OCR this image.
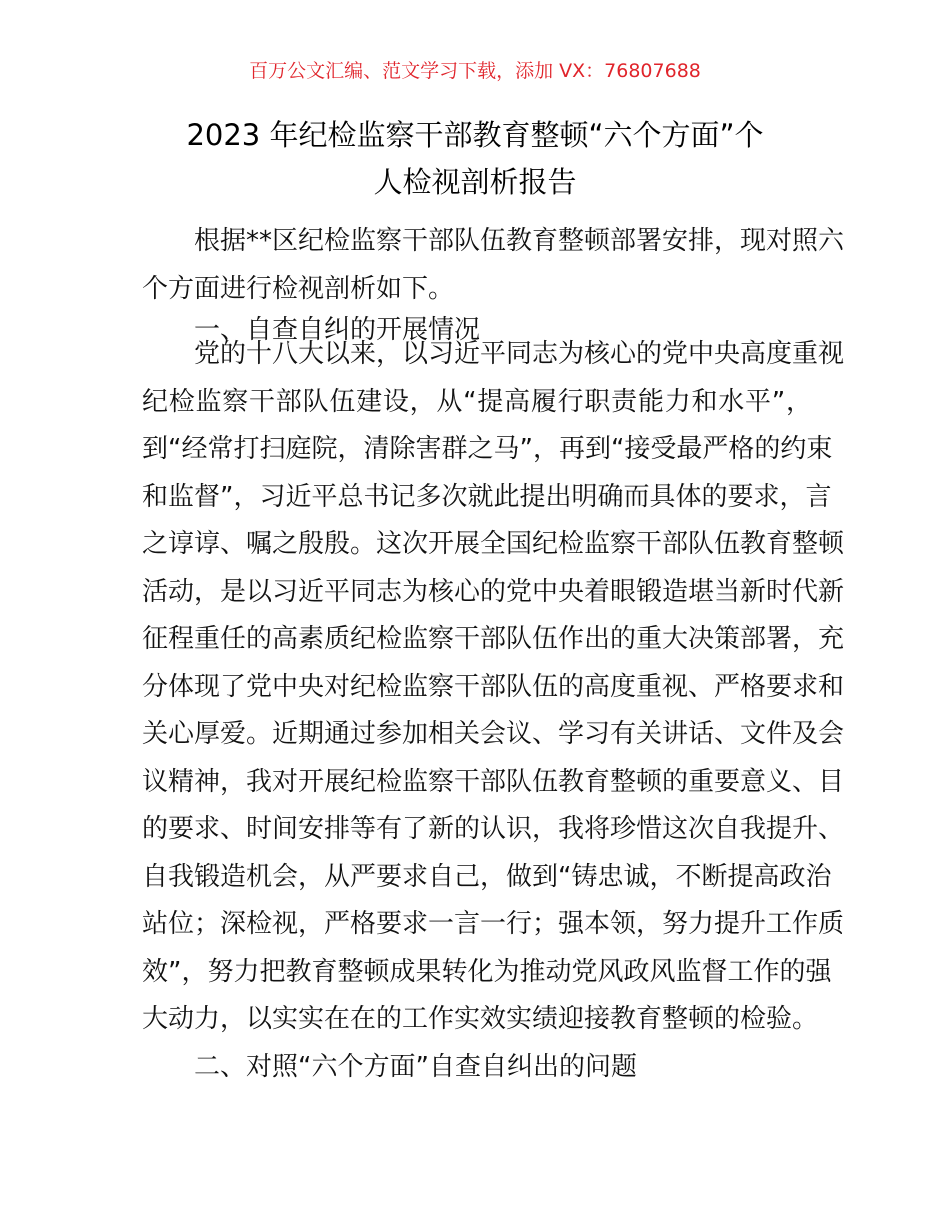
百万公文汇编、范文学习下载，添加 VX：76807688
2023 年纪检监察干部教育整顿“六个方面”个
人检视剖析报告
根据**区纪检监察干部队伍教育整顿部署安排，现对照六
个方面进行检视剖析如下。
一、自查自纠的开展情况
党的十八大以来，以习近平同志为核心的党中央高度重视
纪检监察干部队伍建设，从“提高履行职责能力和水平”，
到“经常打扫庭院，清除害群之马”，再到“接受最严格的约束
和监督”，习近平总书记多次就此提出明确而具体的要求，言
之谆谆、嘱之殷殷。这次开展全国纪检监察干部队伍教育整顿
活动，是以习近平同志为核心的党中央着眼锻造堪当新时代新
征程重任的高素质纪检监察干部队伍作出的重大决策部署，充
分体现了党中央对纪检监察干部队伍的高度重视、严格要求和
关心厚爱。近期通过参加相关会议、学习有关讲话、文件及会
议精神，我对开展纪检监察干部队伍教育整顿的重要意义、目
的要求、时间安排等有了新的认识，我将珍惜这次自我提升、
自我锻造机会，从严要求自己，做到“铸忠诚，不断提高政治
站位；深检视，严格要求一言一行；强本领，努力提升工作质
效”，努力把教育整顿成果转化为推动党风政风监督工作的强
大动力，以实实在在的工作实效实绩迎接教育整顿的检验。
二、对照“六个方面”自查自纠出的问题
